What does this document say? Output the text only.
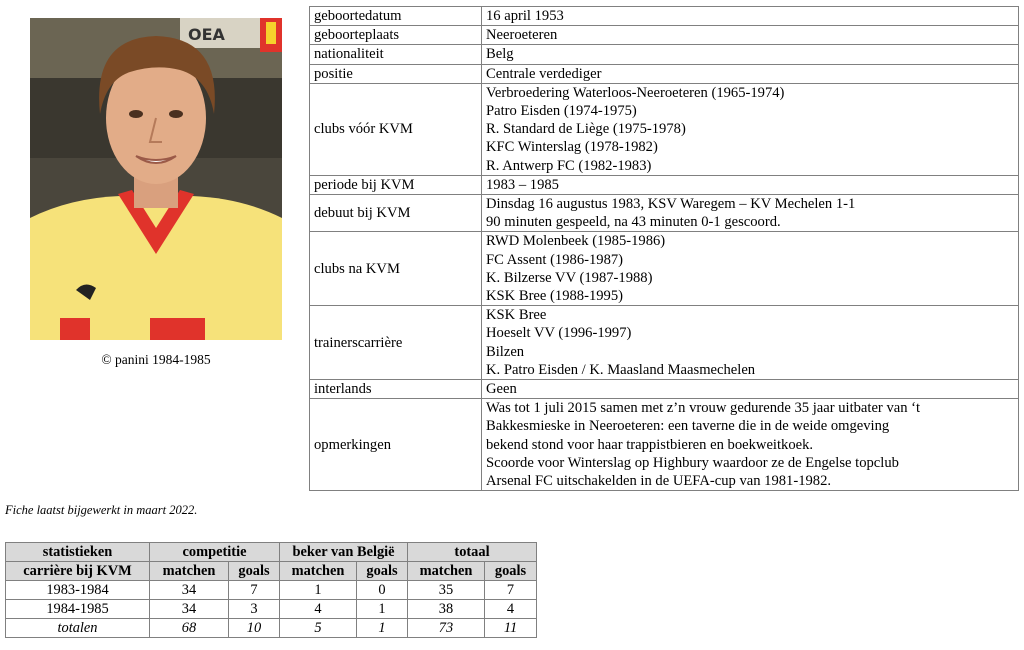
OEA
© panini 1984-1985
geboortedatum	16 april 1953

geboorteplaats	Neeroeteren

nationaliteit	Belg

positie	Centrale verdediger

clubs vóór KVM	Verbroedering Waterloos-Neeroeteren (1965-1974)
Patro Eisden (1974-1975)
R. Standard de Liège (1975-1978)
KFC Winterslag (1978-1982)
R. Antwerp FC (1982-1983)

periode bij KVM	1983 – 1985

debuut bij KVM	Dinsdag 16 augustus 1983, KSV Waregem – KV Mechelen 1-1
90 minuten gespeeld, na 43 minuten 0-1 gescoord.

clubs na KVM	RWD Molenbeek (1985-1986)
FC Assent (1986-1987)
K. Bilzerse VV (1987-1988)
KSK Bree (1988-1995)

trainerscarrière	KSK Bree
Hoeselt VV (1996-1997)
Bilzen
K. Patro Eisden / K. Maasland Maasmechelen

interlands	Geen

opmerkingen	Was tot 1 juli 2015 samen met z’n vrouw gedurende 35 jaar uitbater van ‘t
Bakkesmieske in Neeroeteren: een taverne die in de weide omgeving
bekend stond voor haar trappistbieren en boekweitkoek.
Scoorde voor Winterslag op Highbury waardoor ze de Engelse topclub
Arsenal FC uitschakelden in de UEFA-cup van 1981-1982.
Fiche laatst bijgewerkt in maart 2022.
statistieken	competitie		beker van België		totaal	
carrière bij KVM	matchen	goals	matchen	goals	matchen	goals
1983-1984	34	7	1	0	35	7
1984-1985	34	3	4	1	38	4
totalen	68	10	5	1	73	11
